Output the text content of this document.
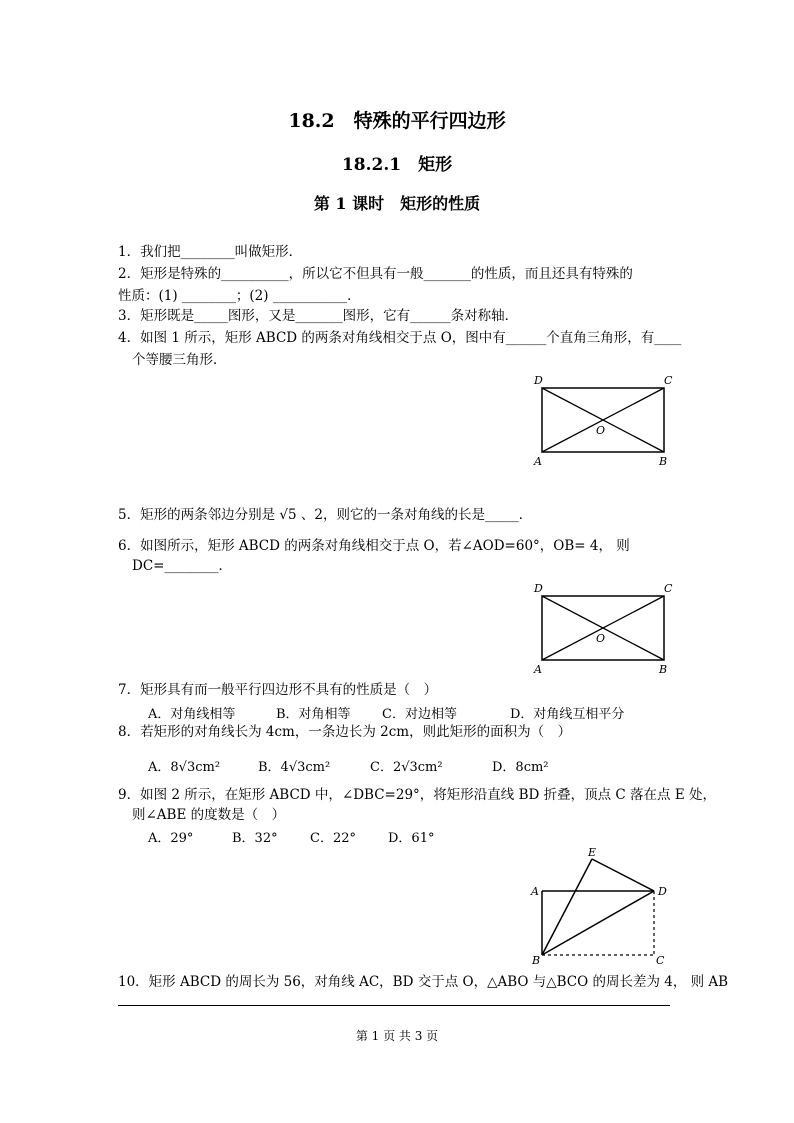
18.2　特殊的平行四边形
18.2.1　矩形
第 1 课时　矩形的性质
1．我们把________叫做矩形．
2．矩形是特殊的__________，所以它不但具有一般_______的性质，而且还具有特殊的
性质：(1) ________；(2) ___________．
3．矩形既是_____图形，又是_______图形，它有______条对称轴．
4．如图 1 所示，矩形 ABCD 的两条对角线相交于点 O，图中有______个直角三角形，有____
个等腰三角形．
D	C
A	B
O
5．矩形的两条邻边分别是 √5 、2，则它的一条对角线的长是_____．
6．如图所示，矩形 ABCD 的两条对角线相交于点 O，若∠AOD=60°，OB= 4， 则
DC=________．
D	C
A	B
O
7．矩形具有而一般平行四边形不具有的性质是（　）
A．对角线相等	B．对角相等 C．对边相等	D．对角线互相平分
8．若矩形的对角线长为 4cm，一条边长为 2cm，则此矩形的面积为（　）
A．8√3cm²	B．4√3cm²	C．2√3cm²	D．8cm²
9．如图 2 所示，在矩形 ABCD 中，∠DBC=29°，将矩形沿直线 BD 折叠，顶点 C 落在点 E 处，
则∠ABE 的度数是（　）
A．29°	B．32° C．22° D．61°
E
A	D
B	C
10．矩形 ABCD 的周长为 56，对角线 AC，BD 交于点 O，△ABO 与△BCO 的周长差为 4， 则 AB
第 1 页 共 3 页
